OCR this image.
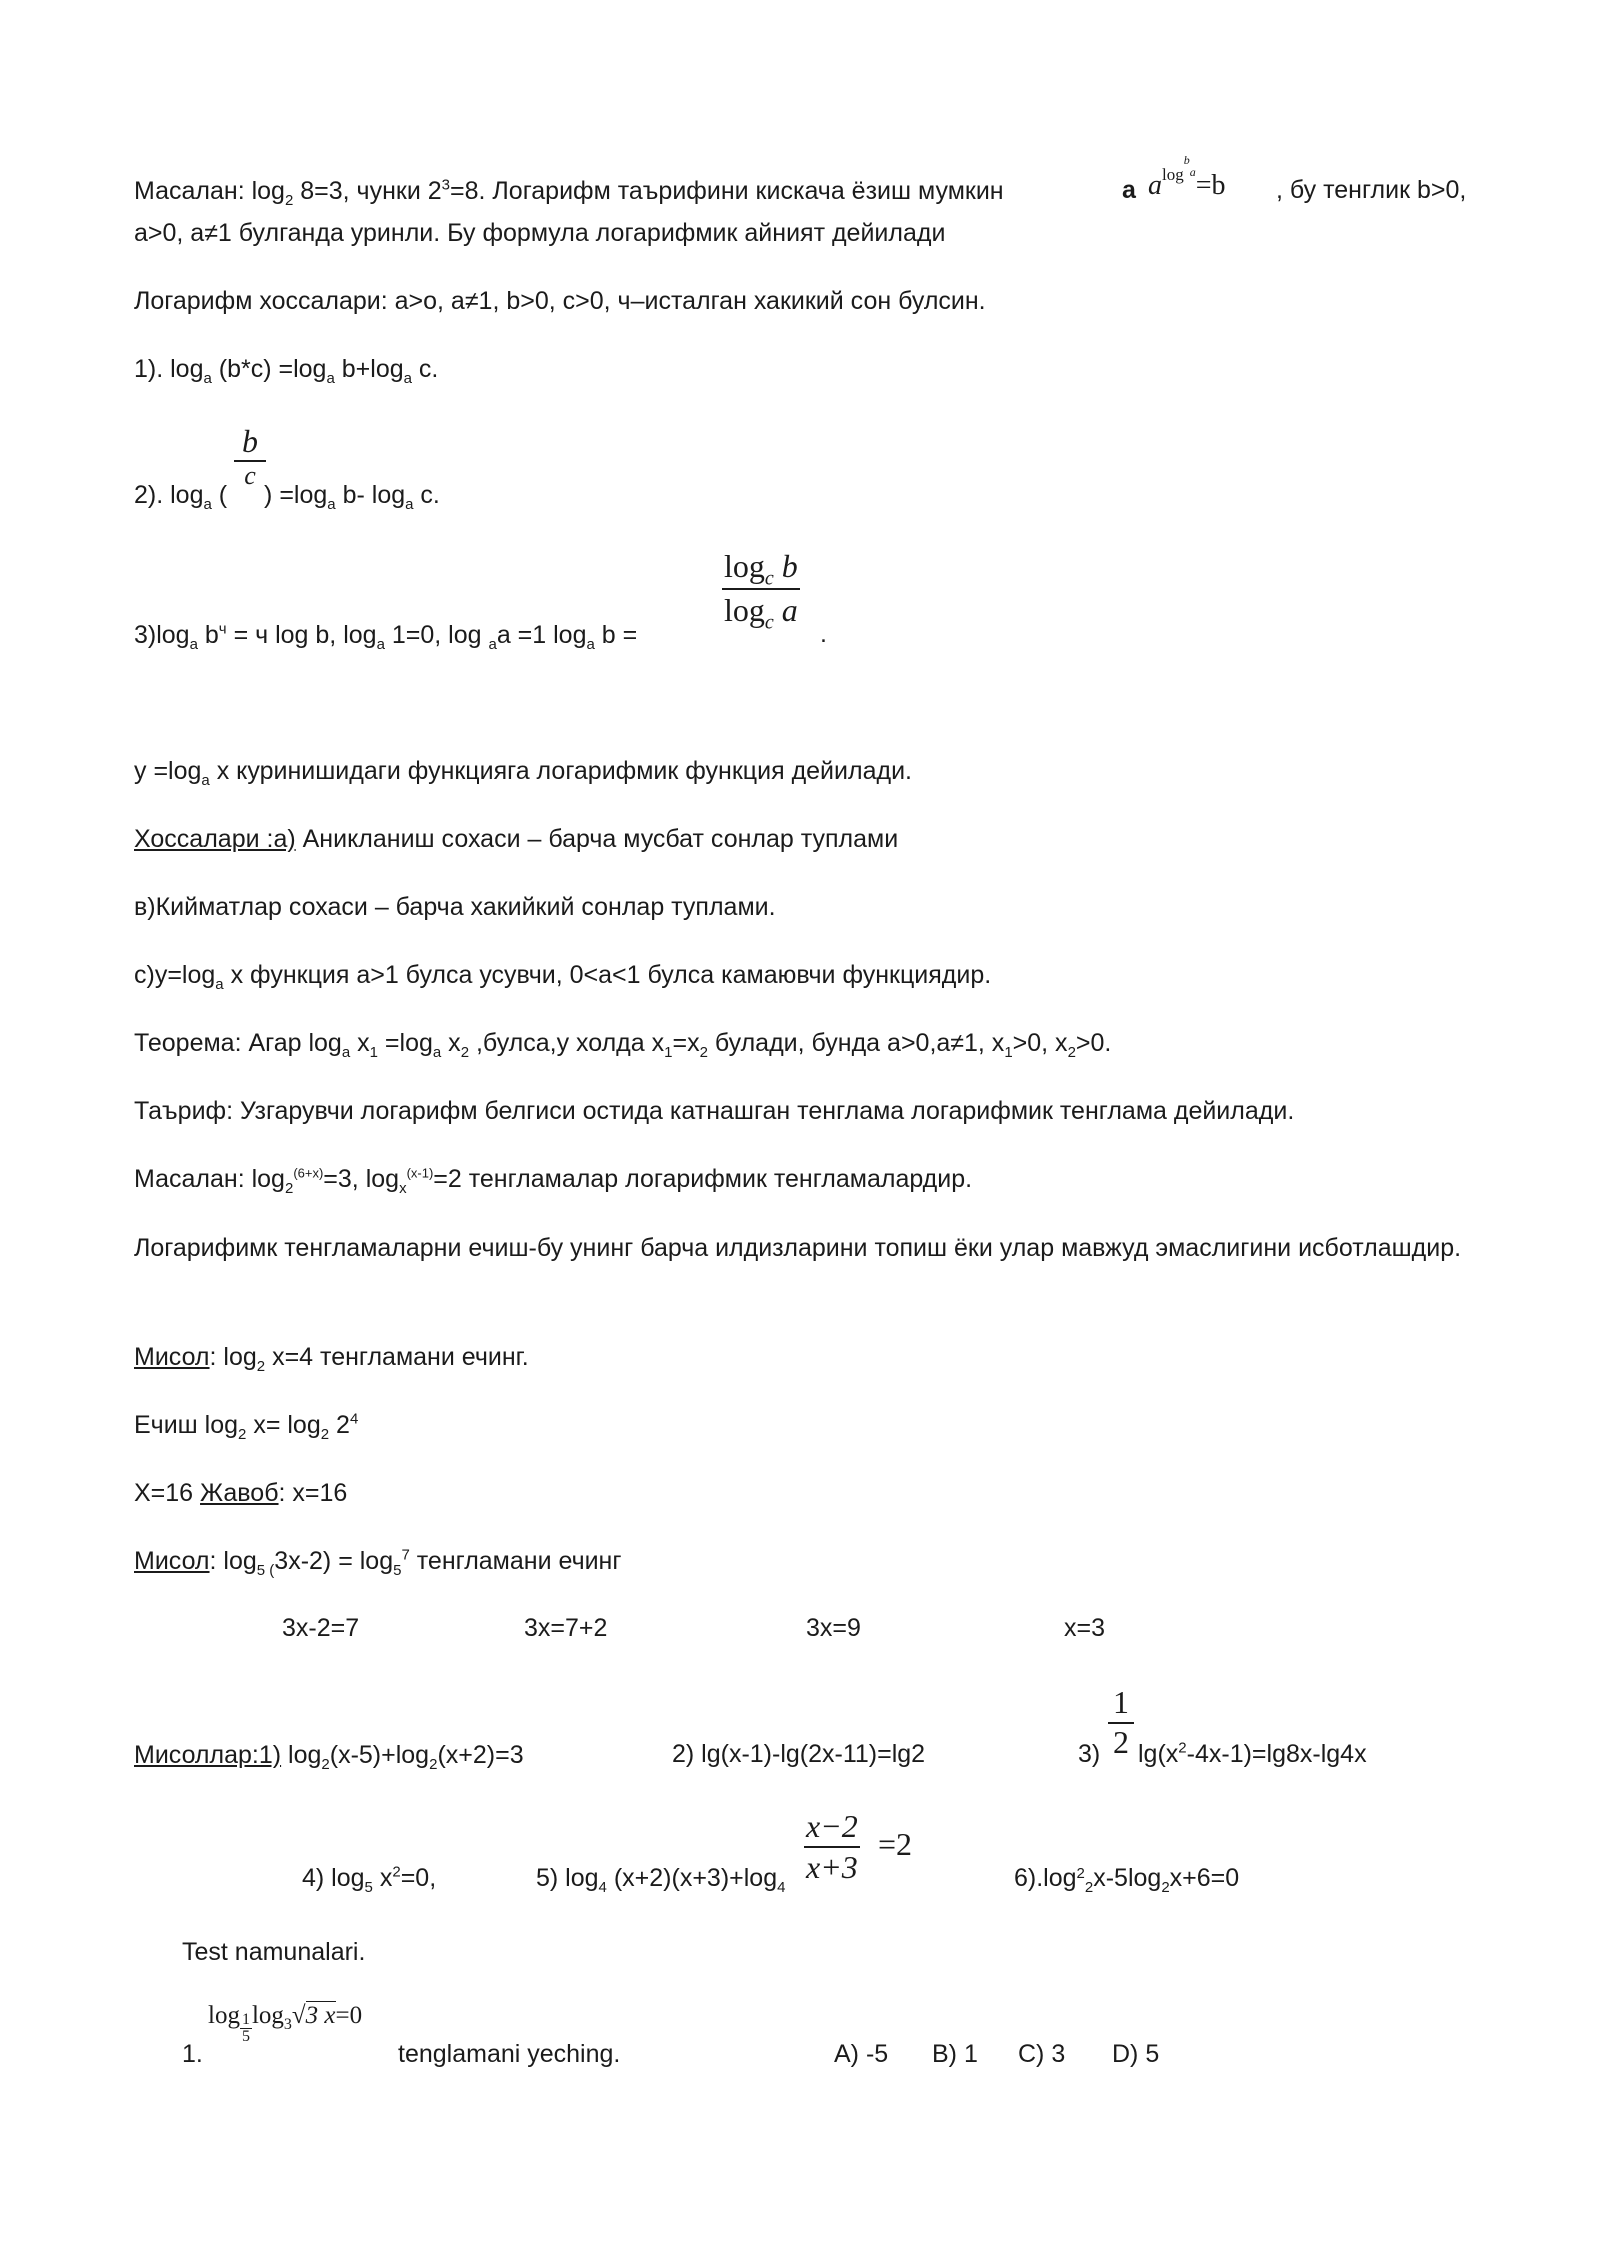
Масалан: $\log_2 8=3$, чунки $2^3=8$. Логарифм таърифини кискача ёзиш мумкин	a $a^{logba}=b$ , бу тенглик b>0,
a>0, a≠1 булганда уринли. Бу формула логарифмик айният дейилади
Логарифм хоссалари: a>o, a≠1, b>0, c>0, ч–исталган хакикий сон булсин.
1). $\log_a (b*c) =\log_a$ $b+\log_a$ c.
2). $\log_a$ ( ) $=\log_a$ b- $\log_a c$.
b
c
$3)\log_a$ $b^ч = ч$ log b, $\log_a 1=0$, log $_a$a =1 $\log_a b$ =
$\frac{\log_c b}{\log_c a}$
.
$y =\log_a$ x куринишидаги функцияга логарифмик функция дейилади.
Хоссалари :а) Аникланиш сохаси – барча мусбат сонлар туплами
в)Кийматлар сохаси – барча хакийкий сонлар туплами.
$с)y=\log_a$ x функция a>1 булса усувчи, 0<a<1 булса камаювчи функциядир.
Теорема: Агар $\log_a x_1 =\log_a$ $x_2$ ,булса,у холда $x_1=x_2$ булади, бунда a>0,a≠1, $x_1>0$, $x_2>0$.
Таъриф: Узгарувчи логарифм белгиси остида катнашган тенглама логарифмик тенглама дейилади.
Масалан: $\log_2^{(6+x)}=3$, $\log_x^{(x-1)}=2$ тенгламалар логарифмик тенгламалардир.
Логарифимк тенгламаларни ечиш-бу унинг барча илдизларини топиш ёки улар мавжуд эмаслигини исботлашдир.
Мисол: $\log_2 x=4$ тенгламани ечинг.
Ечиш $\log_2 x= \log_2 2^4$
X=16 Жавоб: x=16
Мисол: $\log_{5 (}3x-2) = \log_5^7$ тенгламани ечинг
3x-2=7	3x=7+2	3x=9	x=3
Мисоллар:1) $\log_2(x-5)+\log_2(x+2)=3$	2) lg(x-1)-lg(2x-11)=lg2	$3) \frac{1}{2} \lg(x^2-4x-1)=\lg 8x-\lg 4x$
4) $\log_5 x^2=0$,	5) $\log_4 (x+2)(x+3)+\log_4$
$\frac{x-2}{x+3} =2$
$6).\log_{22}x-5\log_2x+6=0$
Test namunalari.
$\log \frac{1}{5} \log_3√3$ x=0
1.	tenglamani yeching.	A) -5 B) 1 C) 3 D) 5
